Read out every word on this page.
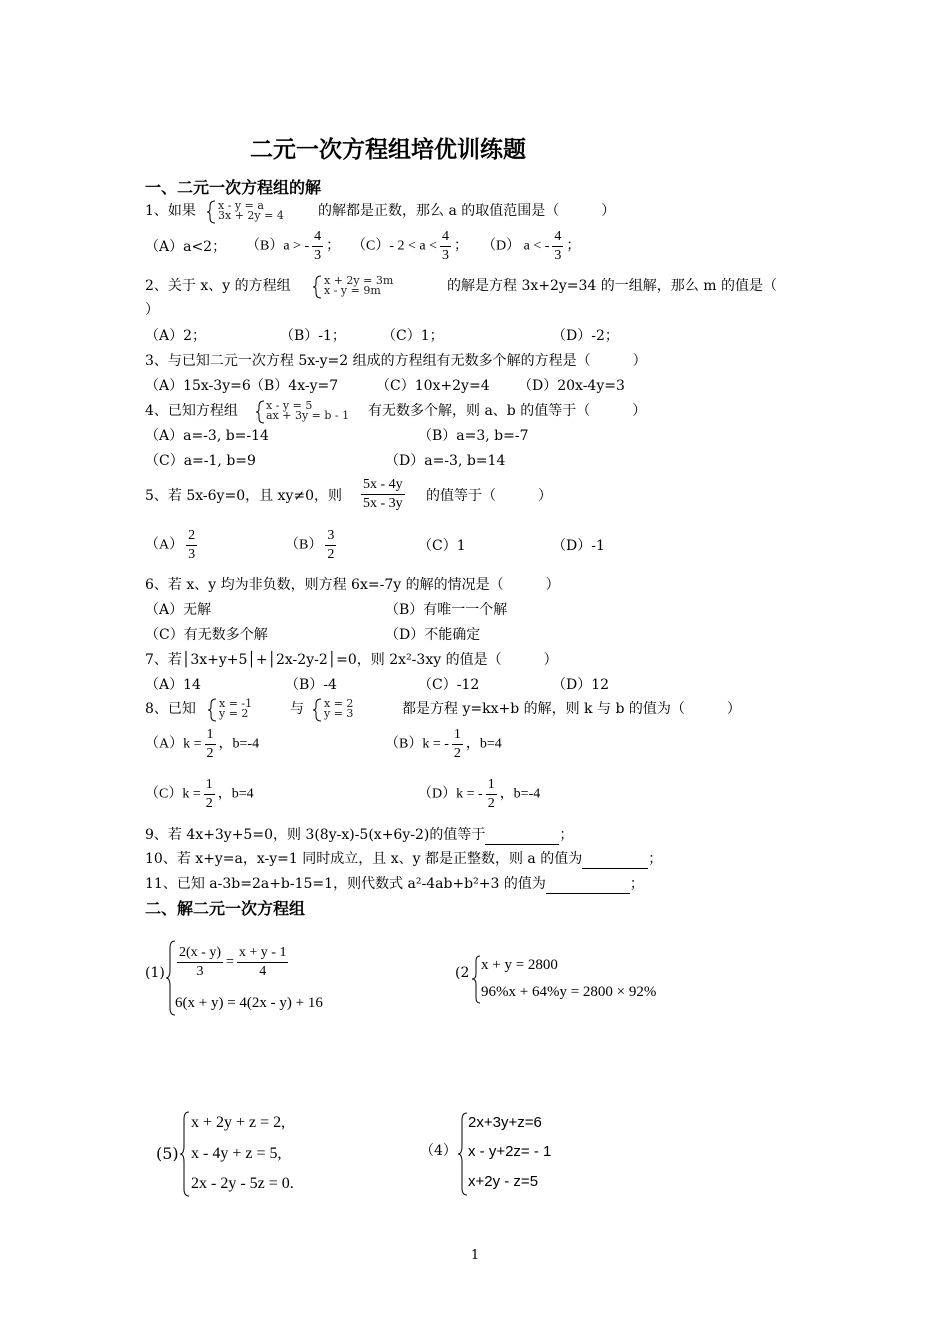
二元一次方程组培优训练题
一、二元一次方程组的解
1、如果 x - y = a
3x + 2y = 4 的解都是正数，那么 a 的取值范围是（　　　）
（A）a<2； （B）a > - $\frac{4}{3}$ ； （C）- $2 < a < \frac{4}{3}$ ； （D） a < - $\frac{4}{3}$ ；
2、关于 x、y 的方程组	x + 2y = 3m
x - y = 9m	的解是方程 3x+2y=34 的一组解，那么 m 的值是（
）
（A）2；	（B）-1；	（C）1；	（D）-2；
3、与已知二元一次方程 5x-y=2 组成的方程组有无数多个解的方程是（　　　）
（A）15x-3y=6 （B）4x-y=7	（C）10x+2y=4 （D）20x-4y=3
4、已知方程组	x - y = 5
ax + 3y = b - 1 有无数多个解，则 a、b 的值等于（　　　）
（A）a=-3, b=-14	（B）a=3, b=-7
（C）a=-1, b=9	（D）a=-3, b=14
5、若 5x-6y=0，且 xy≠0，则 $\frac{5x - 4y}{5x - 3y}$ 的值等于（　　　）
$(A) \frac{2}{3}$	$(B) \frac{3}{2}$	（C）1	（D）-1
6、若 x、y 均为非负数，则方程 6x=-7y 的解的情况是（　　　）
（A）无解	（B）有唯一一个解
（C）有无数多个解	（D）不能确定
7、若│3x+y+5│+│2x-2y-2│=0，则 2x²-3xy 的值是（　　　）
（A）14	（B）-4	（C）-12	（D）12
8、已知 x = -1
y = 2	与 x = 2
y = 3	都是方程 y=kx+b 的解，则 k 与 b 的值为（　　　）
$(A)k = \frac{1}{2}$ ，b=-4	（B）k = - $\frac{1}{2}$ ，b=4
$(C)k = \frac{1}{2}$ ，b=4	（D）k = - $\frac{1}{2}$ ，b=-4
9、若 4x+3y+5=0，则 3(8y-x)-5(x+6y-2)的值等于	；
10、若 x+y=a，x-y=1 同时成立，且 x、y 都是正整数，则 a 的值为	；
11、已知 a-3b=2a+b-15=1，则代数式 a²-4ab+b²+3 的值为	；
二、解二元一次方程组
$(1) \frac{2(x - y)}{3} = \frac{x + y - 1}{4}$
6(x + y) = 4(2x - y) + 16
(2 x + y = 2800
96%x + 64%y = 2800 × 92%
(5)
x + 2y + z = 2,
x - 4y + z = 5,
2x - 2y - 5z = 0.
（4）
2x+3y+z=6
x - y+2z= - 1
x+2y - z=5
1
